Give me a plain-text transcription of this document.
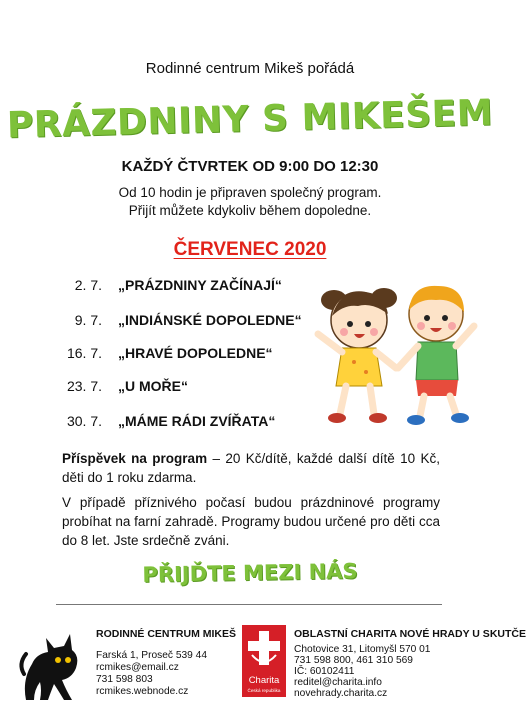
Rodinné centrum Mikeš pořádá
PRÁZDNINY S MIKEŠEM
KAŽDÝ ČTVRTEK OD 9:00 DO 12:30
Od 10 hodin je připraven společný program.
Přijít můžete kdykoliv během dopoledne.
ČERVENEC 2020
2. 7. „PRÁZDNINY ZAČÍNAJÍ“
9. 7. „INDIÁNSKÉ DOPOLEDNE“
16. 7. „HRAVÉ DOPOLEDNE“
23. 7. „U MOŘE“
30. 7. „MÁME RÁDI ZVÍŘATA“
Příspěvek na program – 20 Kč/dítě, každé další dítě 10 Kč, děti do 1 roku zdarma.
V případě příznivého počasí budou prázdninové programy probíhat na farní zahradě. Programy budou určené pro děti cca do 8 let. Jste srdečně zváni.
PŘIJĎTE MEZI NÁS
RODINNÉ CENTRUM MIKEŠ
Farská 1, Proseč 539 44
rcmikes@email.cz
731 598 803
rcmikes.webnode.cz
Charita
Česká republika
OBLASTNÍ CHARITA NOVÉ HRADY U SKUTČE
Chotovice 31, Litomyšl 570 01
731 598 800, 461 310 569
IČ: 60102411
reditel@charita.info
novehrady.charita.cz
